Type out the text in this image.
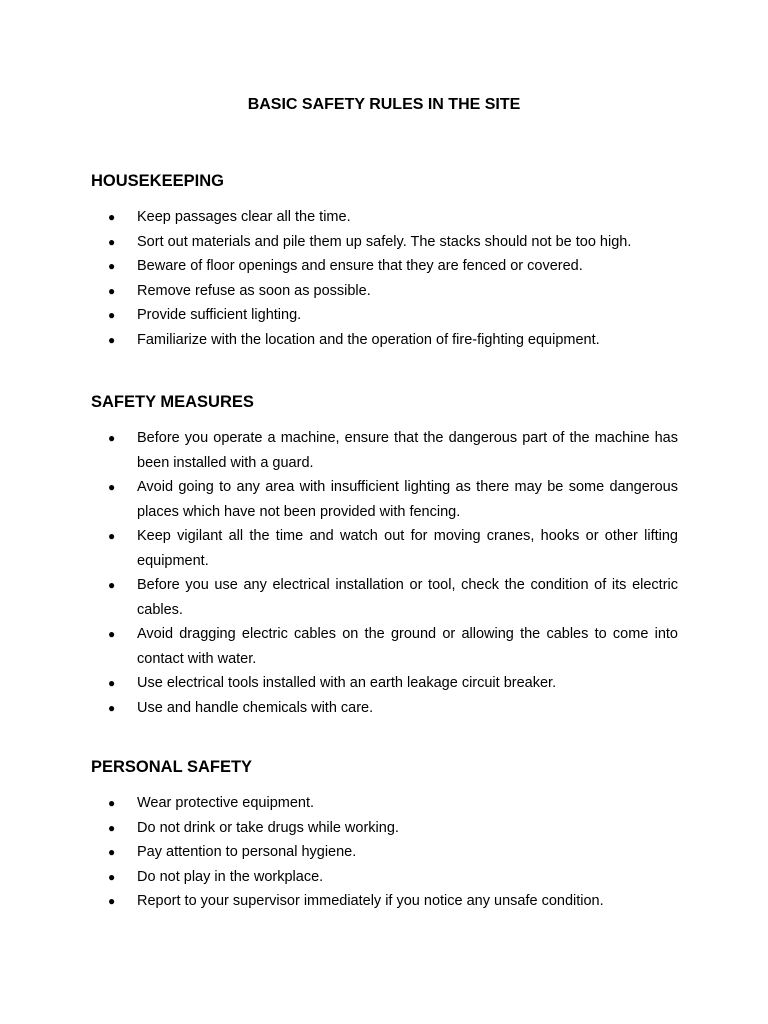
BASIC SAFETY RULES IN THE SITE
HOUSEKEEPING
● Keep passages clear all the time.
● Sort out materials and pile them up safely. The stacks should not be too high.
● Beware of floor openings and ensure that they are fenced or covered.
● Remove refuse as soon as possible.
● Provide sufficient lighting.
● Familiarize with the location and the operation of fire-fighting equipment.
SAFETY MEASURES
● Before you operate a machine, ensure that the dangerous part of the machine has been installed with a guard.
● Avoid going to any area with insufficient lighting as there may be some dangerous places which have not been provided with fencing.
● Keep vigilant all the time and watch out for moving cranes, hooks or other lifting equipment.
● Before you use any electrical installation or tool, check the condition of its electric cables.
● Avoid dragging electric cables on the ground or allowing the cables to come into contact with water.
● Use electrical tools installed with an earth leakage circuit breaker.
● Use and handle chemicals with care.
PERSONAL SAFETY
● Wear protective equipment.
● Do not drink or take drugs while working.
● Pay attention to personal hygiene.
● Do not play in the workplace.
● Report to your supervisor immediately if you notice any unsafe condition.
